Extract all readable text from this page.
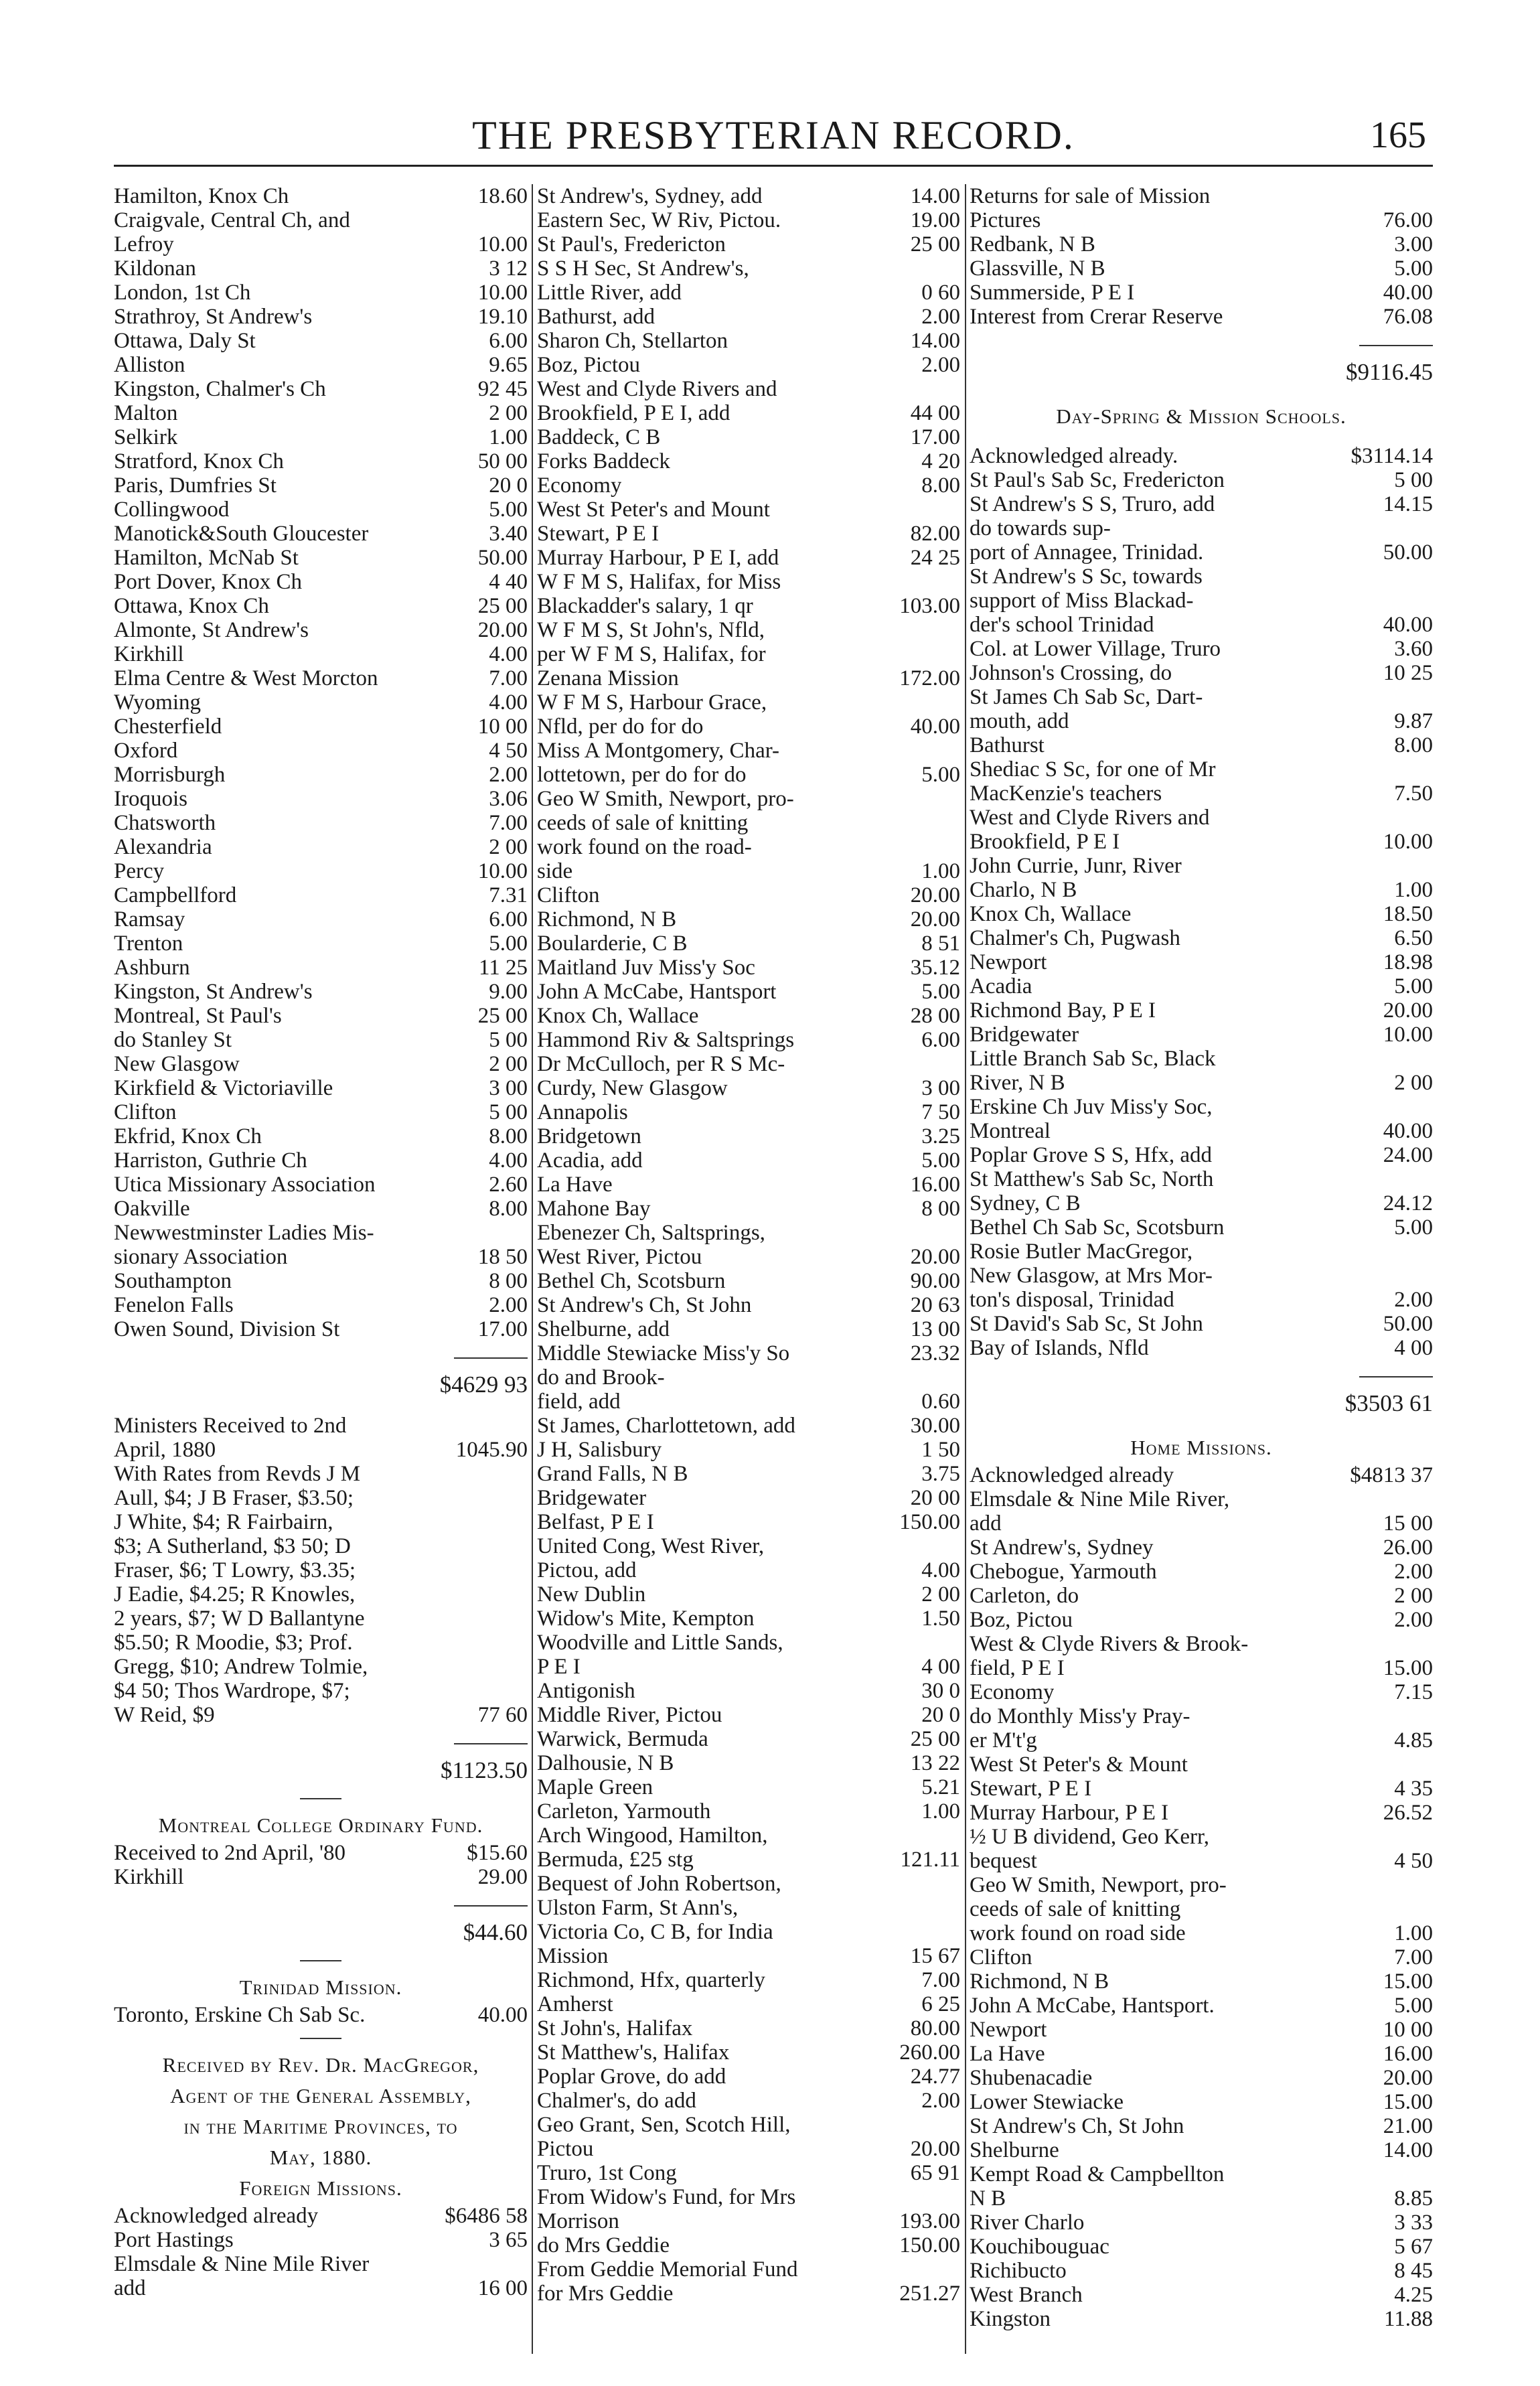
THE PRESBYTERIAN RECORD.	165
Hamilton, Knox Ch	18.60
Craigvale, Central Ch, and
Lefroy	10.00
Kildonan	3 12
London, 1st Ch	10.00
Strathroy, St Andrew's	19.10
Ottawa, Daly St	6.00
Alliston	9.65
Kingston, Chalmer's Ch	92 45
Malton	2 00
Selkirk	1.00
Stratford, Knox Ch	50 00
Paris, Dumfries St	20 0
Collingwood	5.00
Manotick&South Gloucester	3.40
Hamilton, McNab St	50.00
Port Dover, Knox Ch	4 40
Ottawa, Knox Ch	25 00
Almonte, St Andrew's	20.00
Kirkhill	4.00
Elma Centre & West Morcton	7.00
Wyoming	4.00
Chesterfield	10 00
Oxford	4 50
Morrisburgh	2.00
Iroquois	3.06
Chatsworth	7.00
Alexandria	2 00
Percy	10.00
Campbellford	7.31
Ramsay	6.00
Trenton	5.00
Ashburn	11 25
Kingston, St Andrew's	9.00
Montreal, St Paul's	25 00
do Stanley St	5 00
New Glasgow	2 00
Kirkfield & Victoriaville	3 00
Clifton	5 00
Ekfrid, Knox Ch	8.00
Harriston, Guthrie Ch	4.00
Utica Missionary Association	2.60
Oakville	8.00
Newwestminster Ladies Mis-
sionary Association	18 50
Southampton	8 00
Fenelon Falls	2.00
Owen Sound, Division St	17.00
$4629 93
Ministers Received to 2nd
April, 1880	1045.90
With Rates from Revds J M
Aull, $4; J B Fraser, $3.50;
J White, $4; R Fairbairn,
$3; A Sutherland, $3 50; D
Fraser, $6; T Lowry, $3.35;
J Eadie, $4.25; R Knowles,
2 years, $7; W D Ballantyne
$5.50; R Moodie, $3; Prof.
Gregg, $10; Andrew Tolmie,
$4 50; Thos Wardrope, $7;
W Reid, $9	77 60
$1123.50
Montreal College Ordinary Fund.
Received to 2nd April, '80	$15.60
Kirkhill	29.00
$44.60
Trinidad Mission.
Toronto, Erskine Ch Sab Sc.	40.00
Received by Rev. Dr. MacGregor,
Agent of the General Assembly,
in the Maritime Provinces, to
May, 1880.
Foreign Missions.
Acknowledged already	$6486 58
Port Hastings	3 65
Elmsdale & Nine Mile River
add	16 00
St Andrew's, Sydney, add	14.00
Eastern Sec, W Riv, Pictou.	19.00
St Paul's, Fredericton	25 00
S S H Sec, St Andrew's,
Little River, add	0 60
Bathurst, add	2.00
Sharon Ch, Stellarton	14.00
Boz, Pictou	2.00
West and Clyde Rivers and
Brookfield, P E I, add	44 00
Baddeck, C B	17.00
Forks Baddeck	4 20
Economy	8.00
West St Peter's and Mount
Stewart, P E I	82.00
Murray Harbour, P E I, add	24 25
W F M S, Halifax, for Miss
Blackadder's salary, 1 qr	103.00
W F M S, St John's, Nfld,
per W F M S, Halifax, for
Zenana Mission	172.00
W F M S, Harbour Grace,
Nfld, per do for do	40.00
Miss A Montgomery, Char-
lottetown, per do for do	5.00
Geo W Smith, Newport, pro-
ceeds of sale of knitting
work found on the road-
side	1.00
Clifton	20.00
Richmond, N B	20.00
Boularderie, C B	8 51
Maitland Juv Miss'y Soc	35.12
John A McCabe, Hantsport	5.00
Knox Ch, Wallace	28 00
Hammond Riv & Saltsprings	6.00
Dr McCulloch, per R S Mc-
Curdy, New Glasgow	3 00
Annapolis	7 50
Bridgetown	3.25
Acadia, add	5.00
La Have	16.00
Mahone Bay	8 00
Ebenezer Ch, Saltsprings,
West River, Pictou	20.00
Bethel Ch, Scotsburn	90.00
St Andrew's Ch, St John	20 63
Shelburne, add	13 00
Middle Stewiacke Miss'y So	23.32
do and Brook-
field, add	0.60
St James, Charlottetown, add	30.00
J H, Salisbury	1 50
Grand Falls, N B	3.75
Bridgewater	20 00
Belfast, P E I	150.00
United Cong, West River,
Pictou, add	4.00
New Dublin	2 00
Widow's Mite, Kempton	1.50
Woodville and Little Sands,
P E I	4 00
Antigonish	30 0
Middle River, Pictou	20 0
Warwick, Bermuda	25 00
Dalhousie, N B	13 22
Maple Green	5.21
Carleton, Yarmouth	1.00
Arch Wingood, Hamilton,
Bermuda, £25 stg	121.11
Bequest of John Robertson,
Ulston Farm, St Ann's,
Victoria Co, C B, for India
Mission	15 67
Richmond, Hfx, quarterly	7.00
Amherst	6 25
St John's, Halifax	80.00
St Matthew's, Halifax	260.00
Poplar Grove, do add	24.77
Chalmer's, do add	2.00
Geo Grant, Sen, Scotch Hill,
Pictou	20.00
Truro, 1st Cong	65 91
From Widow's Fund, for Mrs
Morrison	193.00
do Mrs Geddie	150.00
From Geddie Memorial Fund
for Mrs Geddie	251.27
Returns for sale of Mission
Pictures	76.00
Redbank, N B	3.00
Glassville, N B	5.00
Summerside, P E I	40.00
Interest from Crerar Reserve	76.08
$9116.45
Day-Spring & Mission Schools.
Acknowledged already.	$3114.14
St Paul's Sab Sc, Fredericton	5 00
St Andrew's S S, Truro, add	14.15
do towards sup-
port of Annagee, Trinidad.	50.00
St Andrew's S Sc, towards
support of Miss Blackad-
der's school Trinidad	40.00
Col. at Lower Village, Truro	3.60
Johnson's Crossing, do	10 25
St James Ch Sab Sc, Dart-
mouth, add	9.87
Bathurst	8.00
Shediac S Sc, for one of Mr
MacKenzie's teachers	7.50
West and Clyde Rivers and
Brookfield, P E I	10.00
John Currie, Junr, River
Charlo, N B	1.00
Knox Ch, Wallace	18.50
Chalmer's Ch, Pugwash	6.50
Newport	18.98
Acadia	5.00
Richmond Bay, P E I	20.00
Bridgewater	10.00
Little Branch Sab Sc, Black
River, N B	2 00
Erskine Ch Juv Miss'y Soc,
Montreal	40.00
Poplar Grove S S, Hfx, add	24.00
St Matthew's Sab Sc, North
Sydney, C B	24.12
Bethel Ch Sab Sc, Scotsburn	5.00
Rosie Butler MacGregor,
New Glasgow, at Mrs Mor-
ton's disposal, Trinidad	2.00
St David's Sab Sc, St John	50.00
Bay of Islands, Nfld	4 00
$3503 61
Home Missions.
Acknowledged already	$4813 37
Elmsdale & Nine Mile River,
add	15 00
St Andrew's, Sydney	26.00
Chebogue, Yarmouth	2.00
Carleton, do	2 00
Boz, Pictou	2.00
West & Clyde Rivers & Brook-
field, P E I	15.00
Economy	7.15
do Monthly Miss'y Pray-
er M't'g	4.85
West St Peter's & Mount
Stewart, P E I	4 35
Murray Harbour, P E I	26.52
½ U B dividend, Geo Kerr,
bequest	4 50
Geo W Smith, Newport, pro-
ceeds of sale of knitting
work found on road side	1.00
Clifton	7.00
Richmond, N B	15.00
John A McCabe, Hantsport.	5.00
Newport	10 00
La Have	16.00
Shubenacadie	20.00
Lower Stewiacke	15.00
St Andrew's Ch, St John	21.00
Shelburne	14.00
Kempt Road & Campbellton
N B	8.85
River Charlo	3 33
Kouchibouguac	5 67
Richibucto	8 45
West Branch	4.25
Kingston	11.88
